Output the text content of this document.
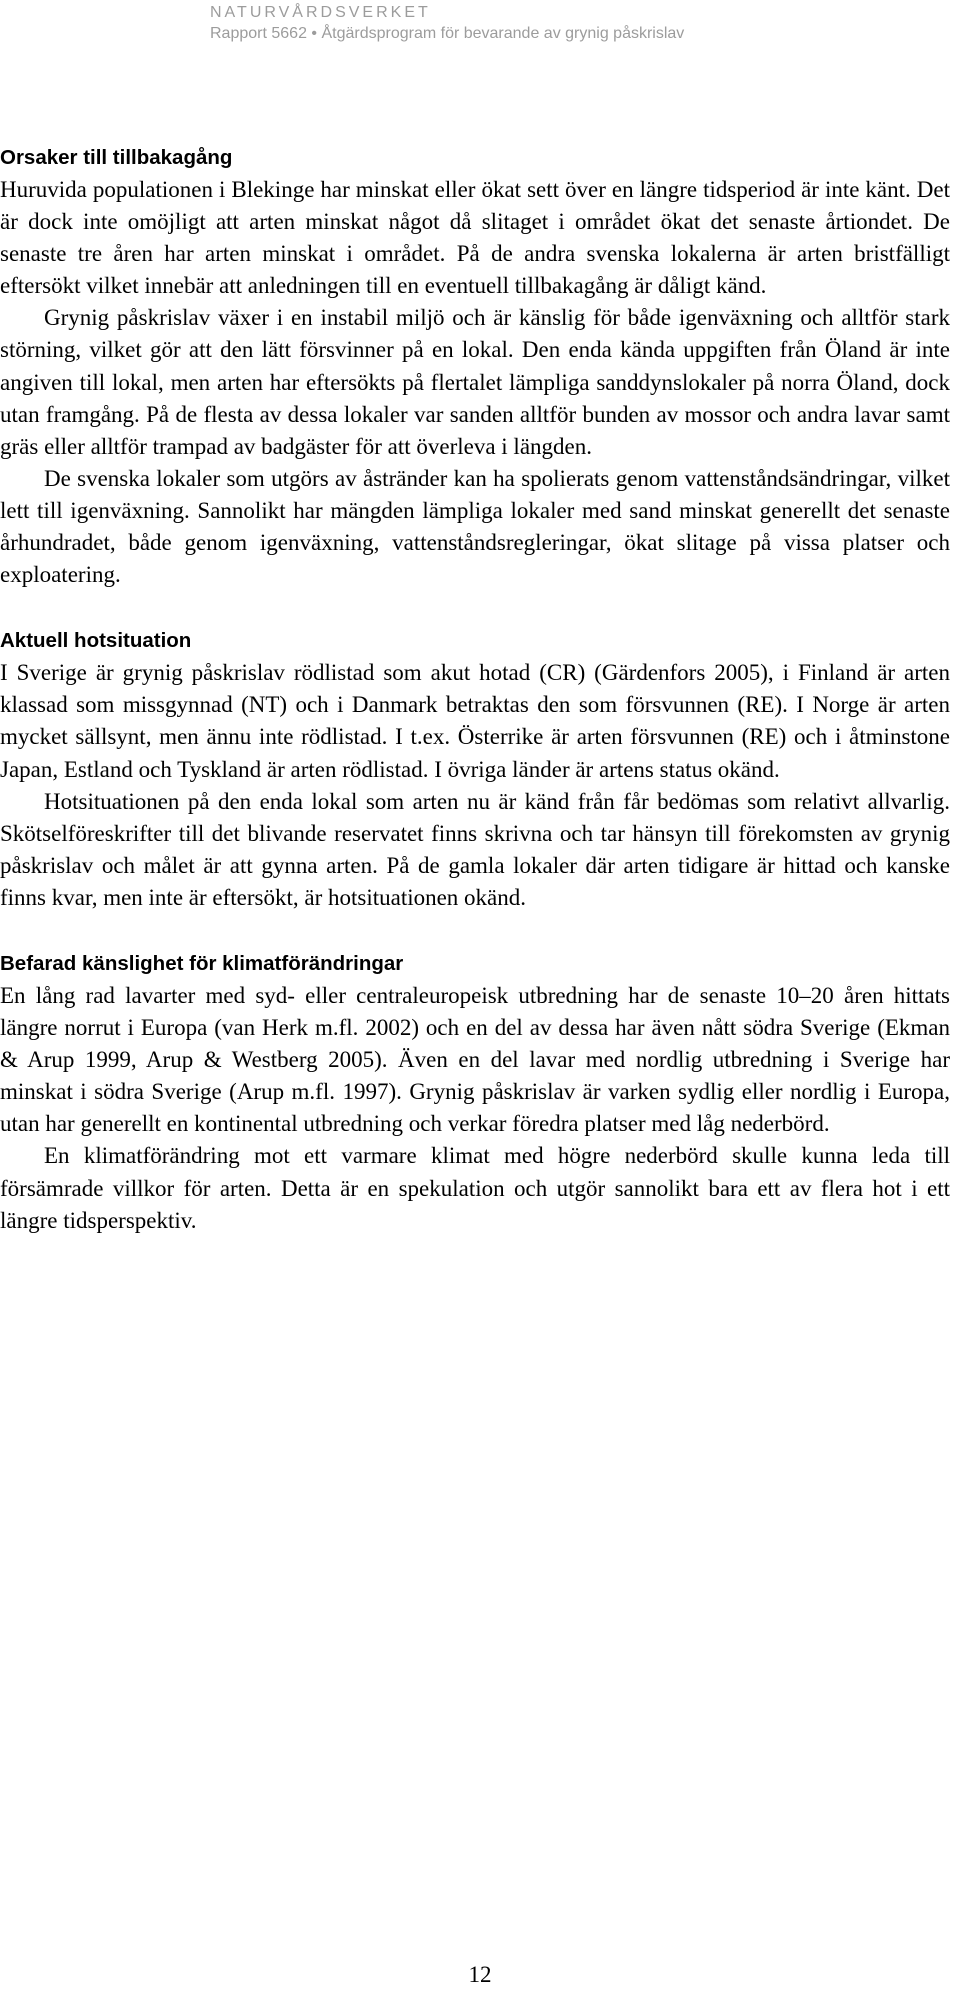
NATURVÅRDSVERKET
Rapport 5662 • Åtgärdsprogram för bevarande av grynig påskrislav
Orsaker till tillbakagång

Huruvida populationen i Blekinge har minskat eller ökat sett över en längre tidsperiod är inte känt. Det är dock inte omöjligt att arten minskat något då slitaget i området ökat det senaste årtiondet. De senaste tre åren har arten minskat i området. På de andra svenska lokalerna är arten bristfälligt eftersökt vilket innebär att anledningen till en eventuell tillbakagång är dåligt känd.

Grynig påskrislav växer i en instabil miljö och är känslig för både igenväxning och alltför stark störning, vilket gör att den lätt försvinner på en lokal. Den enda kända uppgiften från Öland är inte angiven till lokal, men arten har eftersökts på flertalet lämpliga sanddynslokaler på norra Öland, dock utan framgång. På de flesta av dessa lokaler var sanden alltför bunden av mossor och andra lavar samt gräs eller alltför trampad av badgäster för att överleva i längden.

De svenska lokaler som utgörs av åstränder kan ha spolierats genom vattenståndsändringar, vilket lett till igenväxning. Sannolikt har mängden lämpliga lokaler med sand minskat generellt det senaste århundradet, både genom igenväxning, vattenståndsregleringar, ökat slitage på vissa platser och exploatering.

Aktuell hotsituation

I Sverige är grynig påskrislav rödlistad som akut hotad (CR) (Gärdenfors 2005), i Finland är arten klassad som missgynnad (NT) och i Danmark betraktas den som försvunnen (RE). I Norge är arten mycket sällsynt, men ännu inte rödlistad. I t.ex. Österrike är arten försvunnen (RE) och i åtminstone Japan, Estland och Tyskland är arten rödlistad. I övriga länder är artens status okänd.

Hotsituationen på den enda lokal som arten nu är känd från får bedömas som relativt allvarlig. Skötselföreskrifter till det blivande reservatet finns skrivna och tar hänsyn till förekomsten av grynig påskrislav och målet är att gynna arten. På de gamla lokaler där arten tidigare är hittad och kanske finns kvar, men inte är eftersökt, är hotsituationen okänd.

Befarad känslighet för klimatförändringar

En lång rad lavarter med syd- eller centraleuropeisk utbredning har de senaste 10–20 åren hittats längre norrut i Europa (van Herk m.fl. 2002) och en del av dessa har även nått södra Sverige (Ekman & Arup 1999, Arup & Westberg 2005). Även en del lavar med nordlig utbredning i Sverige har minskat i södra Sverige (Arup m.fl. 1997). Grynig påskrislav är varken sydlig eller nordlig i Europa, utan har generellt en kontinental utbredning och verkar föredra platser med låg nederbörd.

En klimatförändring mot ett varmare klimat med högre nederbörd skulle kunna leda till försämrade villkor för arten. Detta är en spekulation och utgör sannolikt bara ett av flera hot i ett längre tidsperspektiv.

12
